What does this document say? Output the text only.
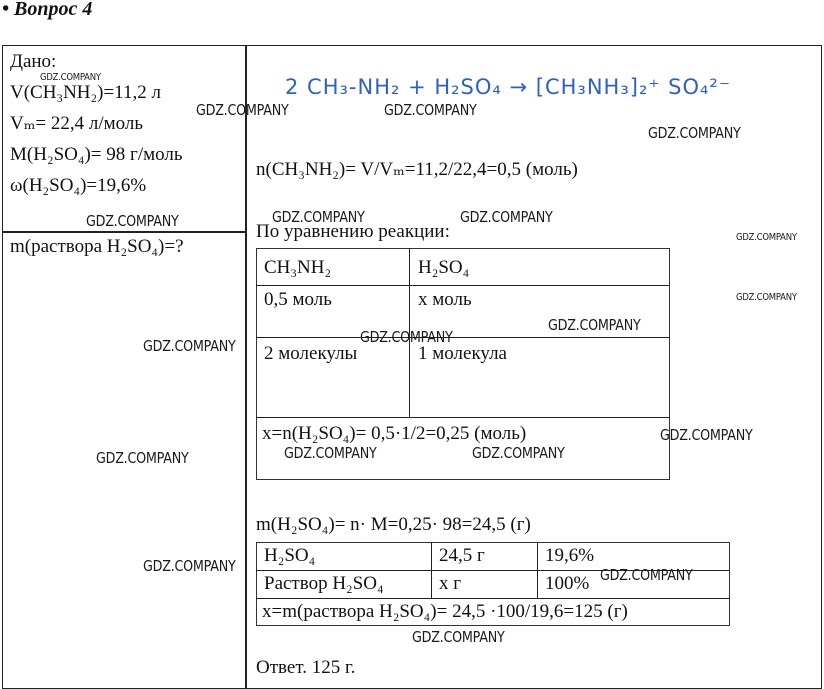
• Вопрос 4
Дано:
V(CH₃NH₂)=11,2 л
Vₘ= 22,4 л/моль
M(H₂SO₄)= 98 г/моль
ω(H₂SO₄)=19,6%
m(раствора H₂SO₄)=?
2 CH₃-NH₂ + H₂SO₄ → [CH₃NH₃]₂⁺ SO₄²⁻
n(CH₃NH₂)= V/Vₘ=11,2/22,4=0,5 (моль)
По уравнению реакции:
CH₃NH₂	H₂SO₄
0,5 моль	x моль
2 молекулы	1 молекула
x=n(H₂SO₄)= 0,5·1/2=0,25 (моль)
m(H₂SO₄)= n· M=0,25· 98=24,5 (г)
H₂SO₄	24,5 г	19,6%
Раствор H₂SO₄	x г	100%
x=m(раствора H₂SO₄)= 24,5 ·100/19,6=125 (г)
Ответ. 125 г.
GDZ.COMPANY
GDZ.COMPANY	GDZ.COMPANY
GDZ.COMPANY
GDZ.COMPANY	GDZ.COMPANY	GDZ.COMPANY
GDZ.COMPANY
GDZ.COMPANY
GDZ.COMPANY
GDZ.COMPANY
GDZ.COMPANY
GDZ.COMPANY
GDZ.COMPANY	GDZ.COMPANY	GDZ.COMPANY
GDZ.COMPANY	GDZ.COMPANY
GDZ.COMPANY
